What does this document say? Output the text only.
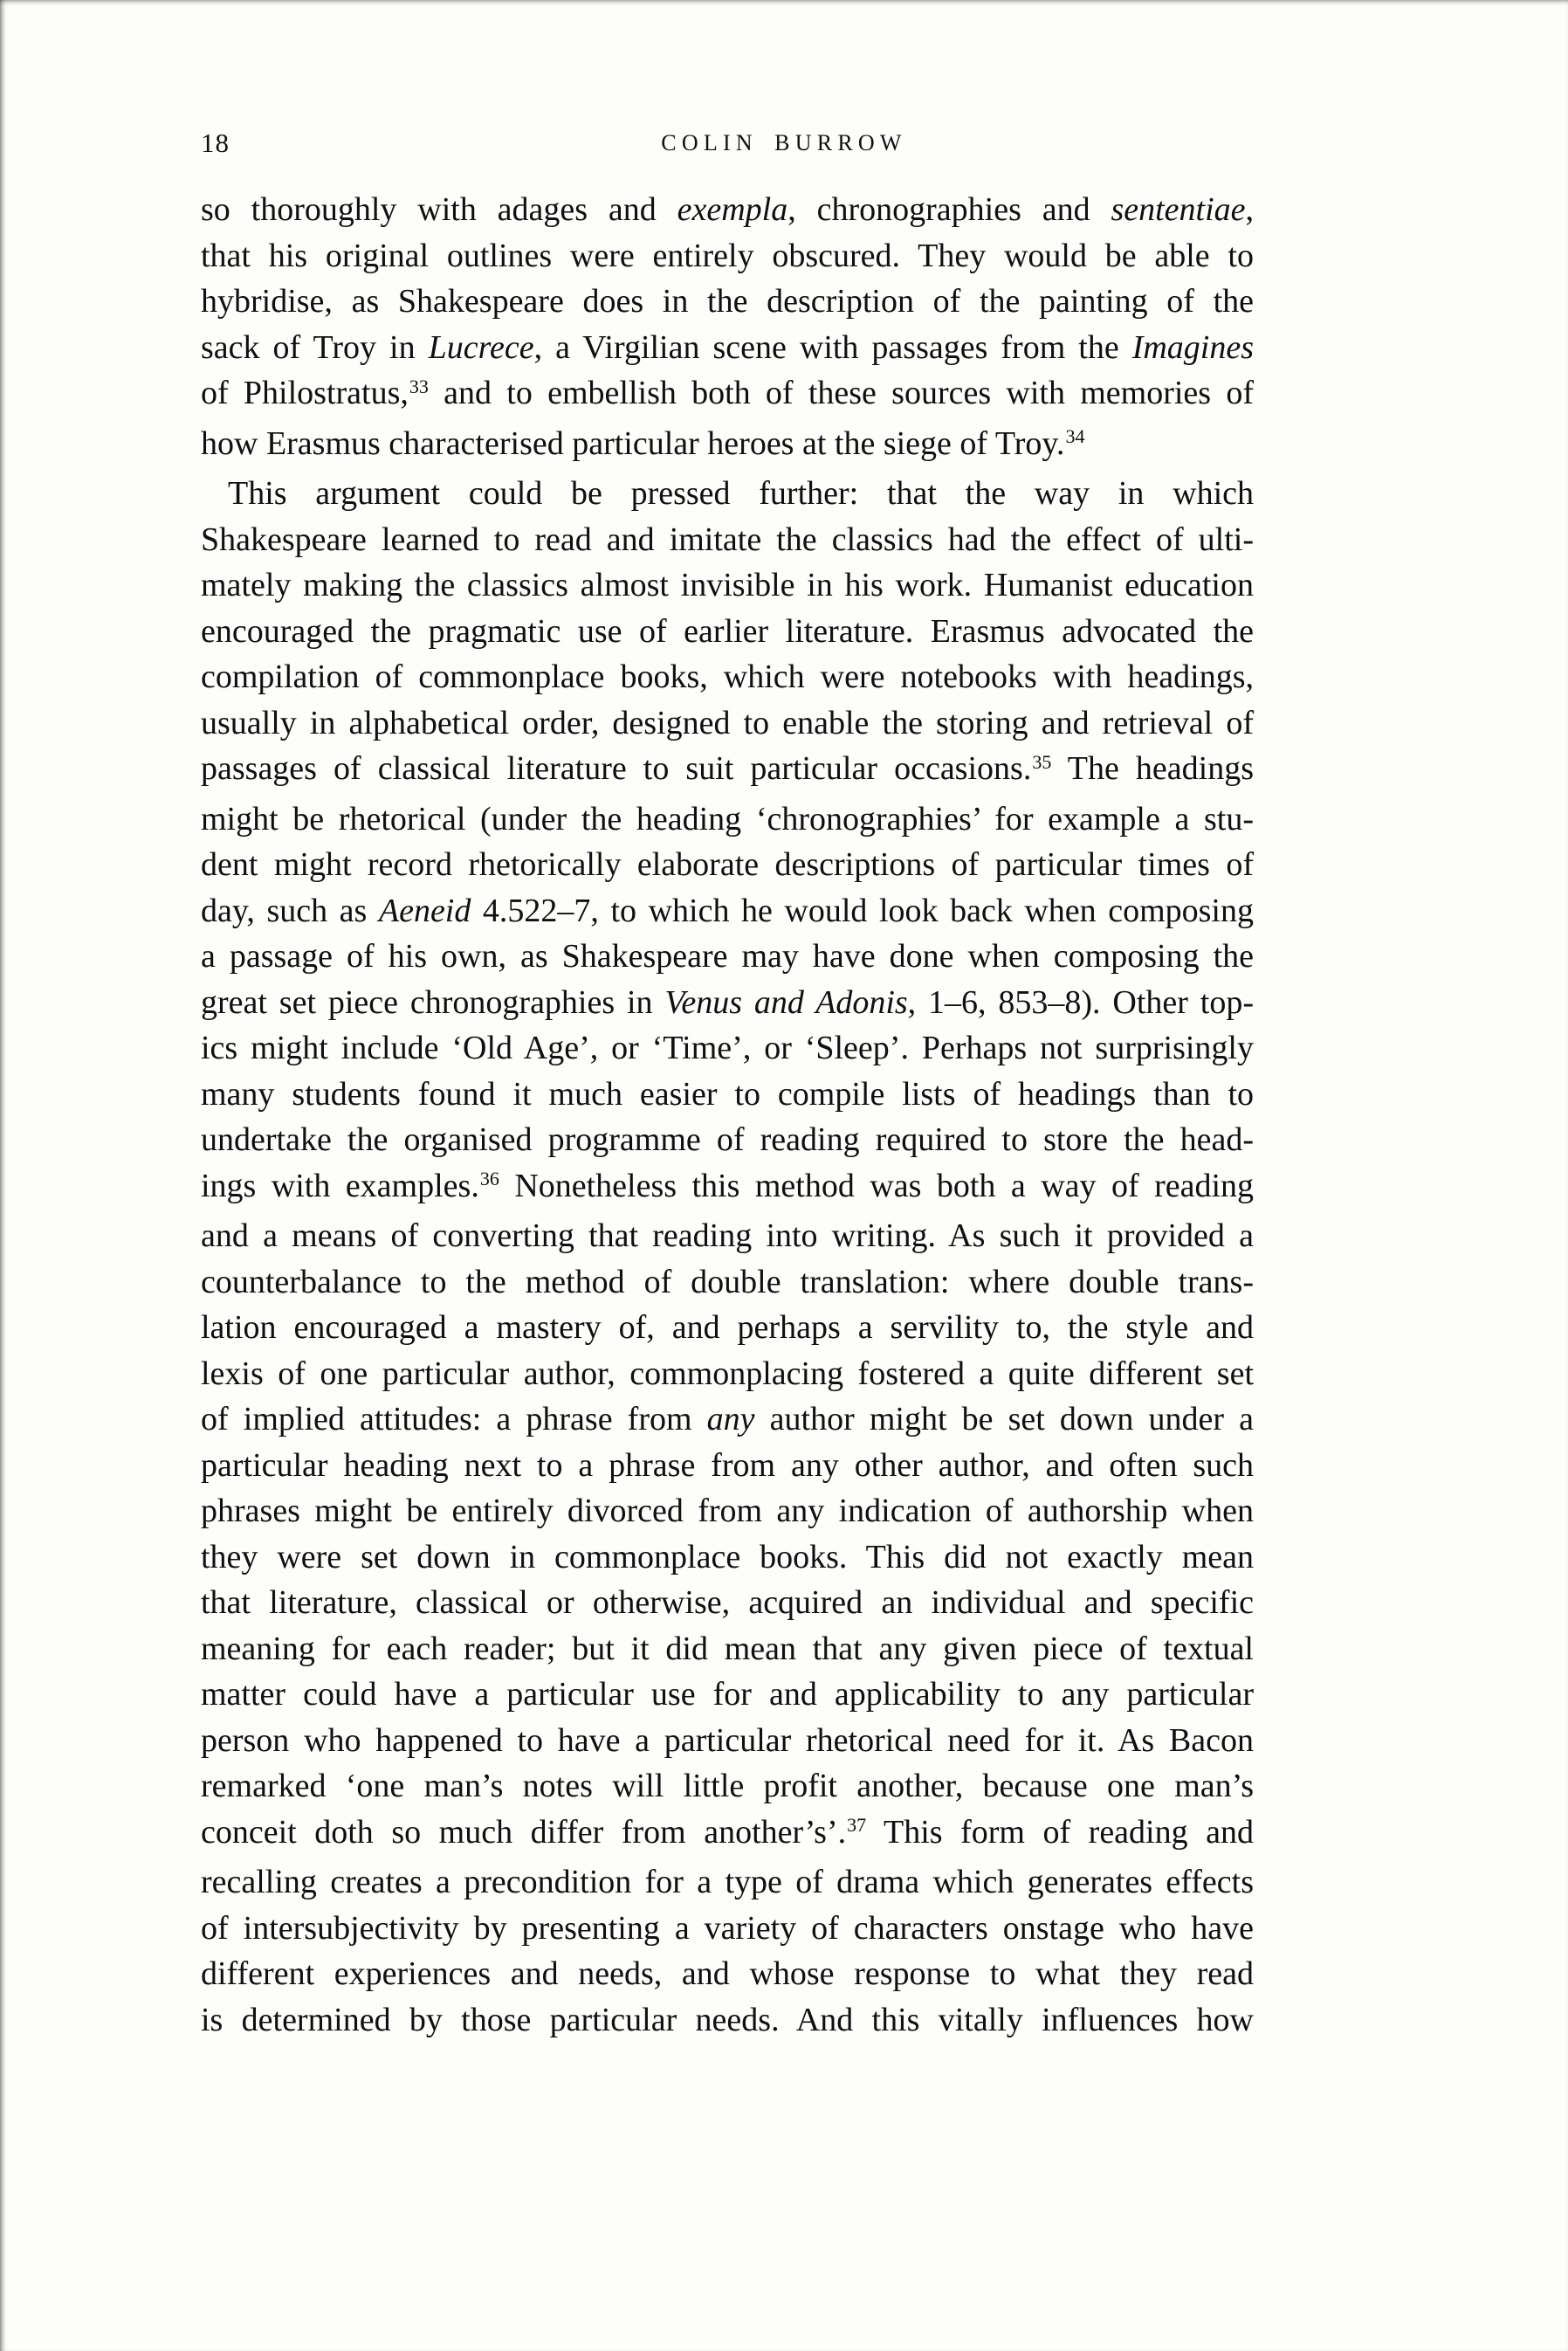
18	COLIN BURROW
so thoroughly with adages and exempla, chronographies and sententiae,
that his original outlines were entirely obscured. They would be able to
hybridise, as Shakespeare does in the description of the painting of the
sack of Troy in Lucrece, a Virgilian scene with passages from the Imagines
of Philostratus,$^{33}$ and to embellish both of these sources with memories of
how Erasmus characterised particular heroes at the siege of Troy.$^{34}$
This argument could be pressed further: that the way in which
Shakespeare learned to read and imitate the classics had the effect of ulti-
mately making the classics almost invisible in his work. Humanist education
encouraged the pragmatic use of earlier literature. Erasmus advocated the
compilation of commonplace books, which were notebooks with headings,
usually in alphabetical order, designed to enable the storing and retrieval of
passages of classical literature to suit particular occasions.$^{35}$ The headings
might be rhetorical (under the heading ‘chronographies’ for example a stu-
dent might record rhetorically elaborate descriptions of particular times of
day, such as Aeneid 4.522–7, to which he would look back when composing
a passage of his own, as Shakespeare may have done when composing the
great set piece chronographies in Venus and Adonis, 1–6, 853–8). Other top-
ics might include ‘Old Age’, or ‘Time’, or ‘Sleep’. Perhaps not surprisingly
many students found it much easier to compile lists of headings than to
undertake the organised programme of reading required to store the head-
ings with examples.$^{36}$ Nonetheless this method was both a way of reading
and a means of converting that reading into writing. As such it provided a
counterbalance to the method of double translation: where double trans-
lation encouraged a mastery of, and perhaps a servility to, the style and
lexis of one particular author, commonplacing fostered a quite different set
of implied attitudes: a phrase from any author might be set down under a
particular heading next to a phrase from any other author, and often such
phrases might be entirely divorced from any indication of authorship when
they were set down in commonplace books. This did not exactly mean
that literature, classical or otherwise, acquired an individual and specific
meaning for each reader; but it did mean that any given piece of textual
matter could have a particular use for and applicability to any particular
person who happened to have a particular rhetorical need for it. As Bacon
remarked ‘one man’s notes will little profit another, because one man’s
conceit doth so much differ from another’s’.$^{37}$ This form of reading and
recalling creates a precondition for a type of drama which generates effects
of intersubjectivity by presenting a variety of characters onstage who have
different experiences and needs, and whose response to what they read
is determined by those particular needs. And this vitally influences how
